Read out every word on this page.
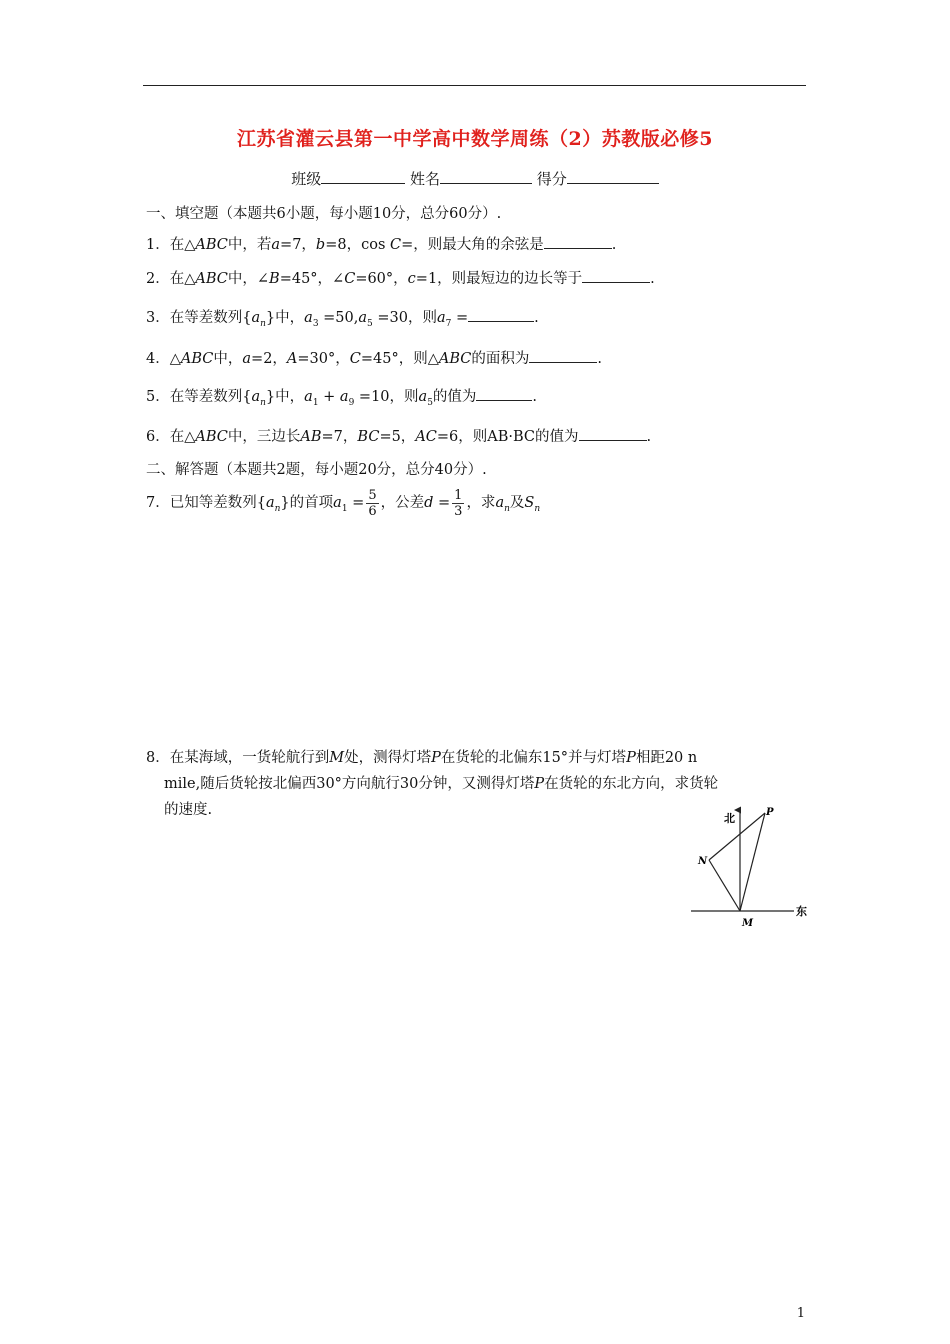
江苏省灌云县第一中学高中数学周练（2）苏教版必修5
班级	姓名	得分
一、填空题（本题共6小题，每小题10分，总分60分）.
1．在△ABC中，若a=7，b=8，cos C=，则最大角的余弦是	.
2．在△ABC中，∠B=45°，∠C=60°，c=1，则最短边的边长等于	.
3．在等差数列$\{a_n\}$中，$a_3 =50,a_5 =30$，则$a_7$ =	.
4．△ABC中，a=2，A=30°，C=45°，则△ABC的面积为	.
5．在等差数列$\{a_n\}$中，$a_1 + a_9 =10$，则$a_5$的值为	.
6．在△ABC中，三边长AB=7，BC=5，AC=6，则AB·BC的值为	.
二、解答题（本题共2题，每小题20分，总分40分）.
7．已知等差数列$\{a_n\}$的首项$a_1 = \frac{5}{6}$ ，公差$d = \frac{1}{3}$ ，求$a_n$及$S_n$
8．在某海域，一货轮航行到M处，测得灯塔P在货轮的北偏东15°并与灯塔P相距20 n
mile,随后货轮按北偏西30°方向航行30分钟，又测得灯塔P在货轮的东北方向，求货轮
的速度.
北
东
P
N
M
1
